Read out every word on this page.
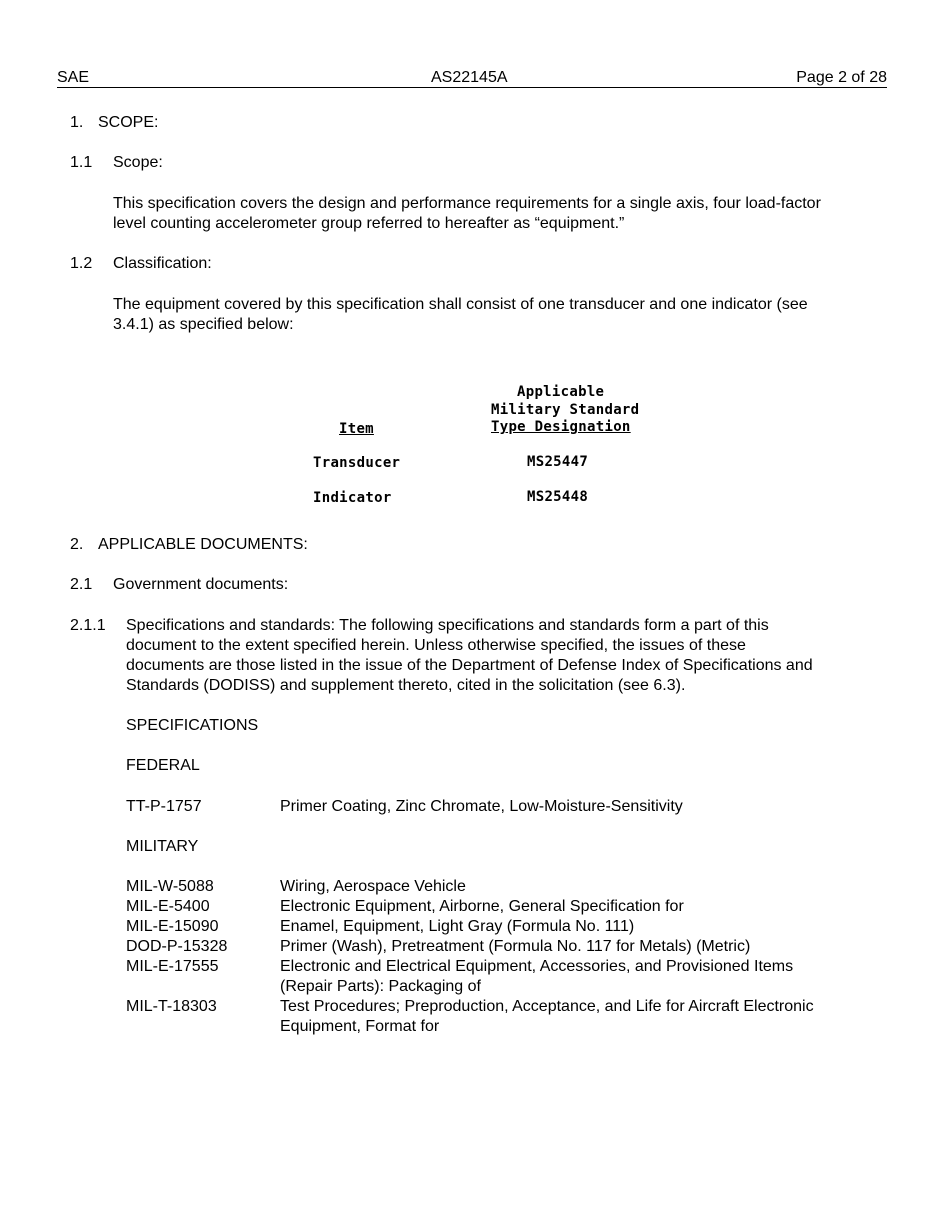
SAE	AS22145A	Page 2 of 28
1. SCOPE:
1.1 Scope:
This specification covers the design and performance requirements for a single axis, four load-factor
level counting accelerometer group referred to hereafter as “equipment.”
1.2 Classification:
The equipment covered by this specification shall consist of one transducer and one indicator (see
3.4.1) as specified below:
Applicable
Military Standard
Item	Type Designation
Transducer	MS25447
Indicator	MS25448
2. APPLICABLE DOCUMENTS:
2.1 Government documents:
2.1.1 Specifications and standards: The following specifications and standards form a part of this
document to the extent specified herein. Unless otherwise specified, the issues of these
documents are those listed in the issue of the Department of Defense Index of Specifications and
Standards (DODISS) and supplement thereto, cited in the solicitation (see 6.3).
SPECIFICATIONS
FEDERAL
TT-P-1757	Primer Coating, Zinc Chromate, Low-Moisture-Sensitivity
MILITARY
MIL-W-5088	Wiring, Aerospace Vehicle
MIL-E-5400	Electronic Equipment, Airborne, General Specification for
MIL-E-15090	Enamel, Equipment, Light Gray (Formula No. 111)
DOD-P-15328	Primer (Wash), Pretreatment (Formula No. 117 for Metals) (Metric)
MIL-E-17555	Electronic and Electrical Equipment, Accessories, and Provisioned Items
(Repair Parts): Packaging of
MIL-T-18303	Test Procedures; Preproduction, Acceptance, and Life for Aircraft Electronic
Equipment, Format for
